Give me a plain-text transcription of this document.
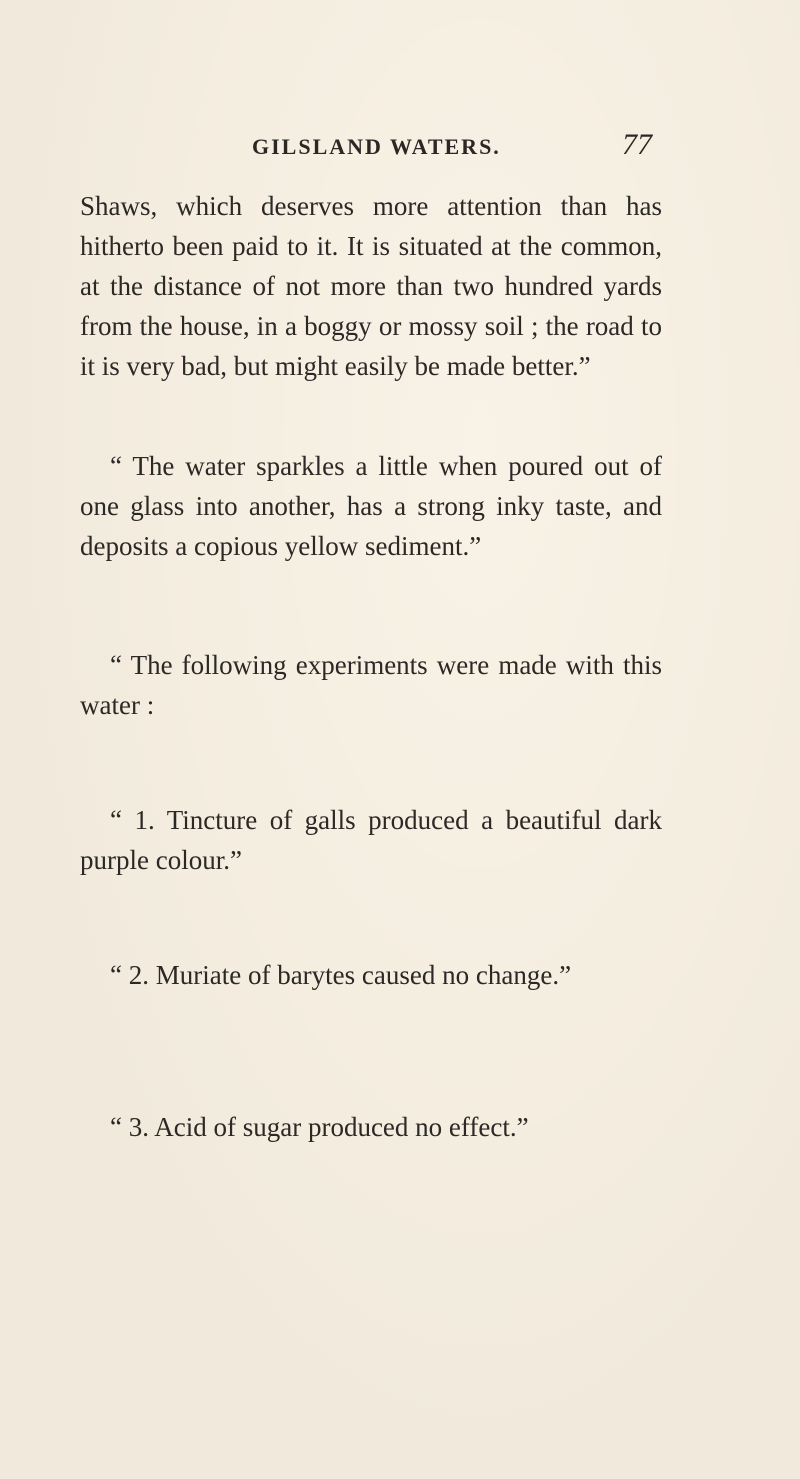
GILSLAND WATERS.	77

Shaws, which deserves more attention than has hitherto been paid to it. It is situated at the common, at the distance of not more than two hundred yards from the house, in a boggy or mossy soil ; the road to it is very bad, but might easily be made better.”

“ The water sparkles a little when poured out of one glass into another, has a strong inky taste, and deposits a copious yellow sediment.”

“ The following experiments were made with this water :

“ 1. Tincture of galls produced a beautiful dark purple colour.”

“ 2. Muriate of barytes caused no change.”

“ 3. Acid of sugar produced no effect.”
